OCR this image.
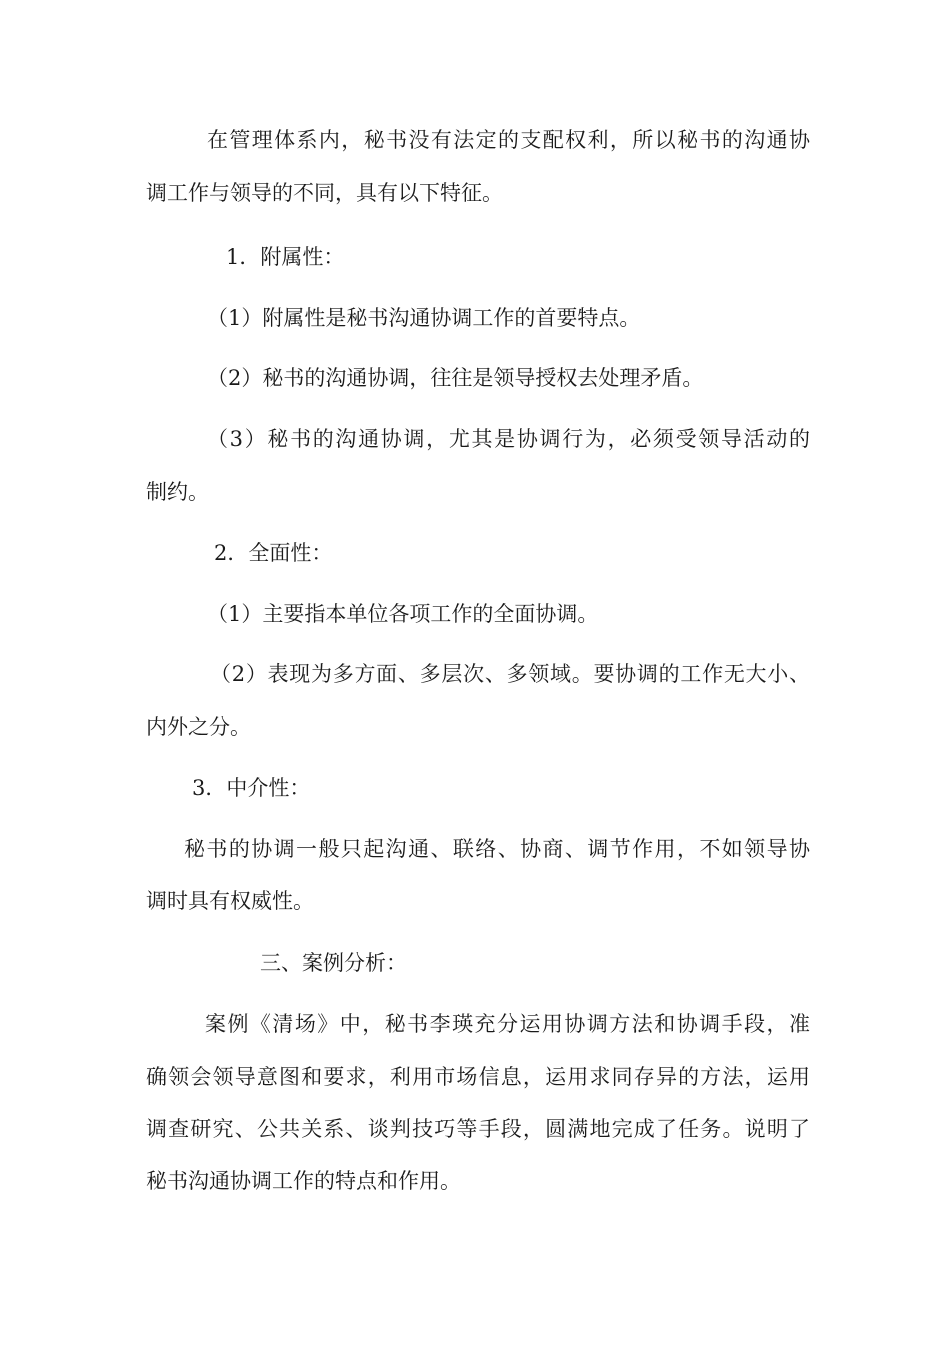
在管理体系内，秘书没有法定的支配权利，所以秘书的沟通协

调工作与领导的不同，具有以下特征。

1．附属性：

（1）附属性是秘书沟通协调工作的首要特点。

（2）秘书的沟通协调，往往是领导授权去处理矛盾。

（3）秘书的沟通协调，尤其是协调行为，必须受领导活动的

制约。

2．全面性：

（1）主要指本单位各项工作的全面协调。

（2）表现为多方面、多层次、多领域。要协调的工作无大小、

内外之分。

3．中介性：

秘书的协调一般只起沟通、联络、协商、调节作用，不如领导协

调时具有权威性。

三、案例分析：

案例《清场》中，秘书李瑛充分运用协调方法和协调手段，准

确领会领导意图和要求，利用市场信息，运用求同存异的方法，运用

调查研究、公共关系、谈判技巧等手段，圆满地完成了任务。说明了

秘书沟通协调工作的特点和作用。
